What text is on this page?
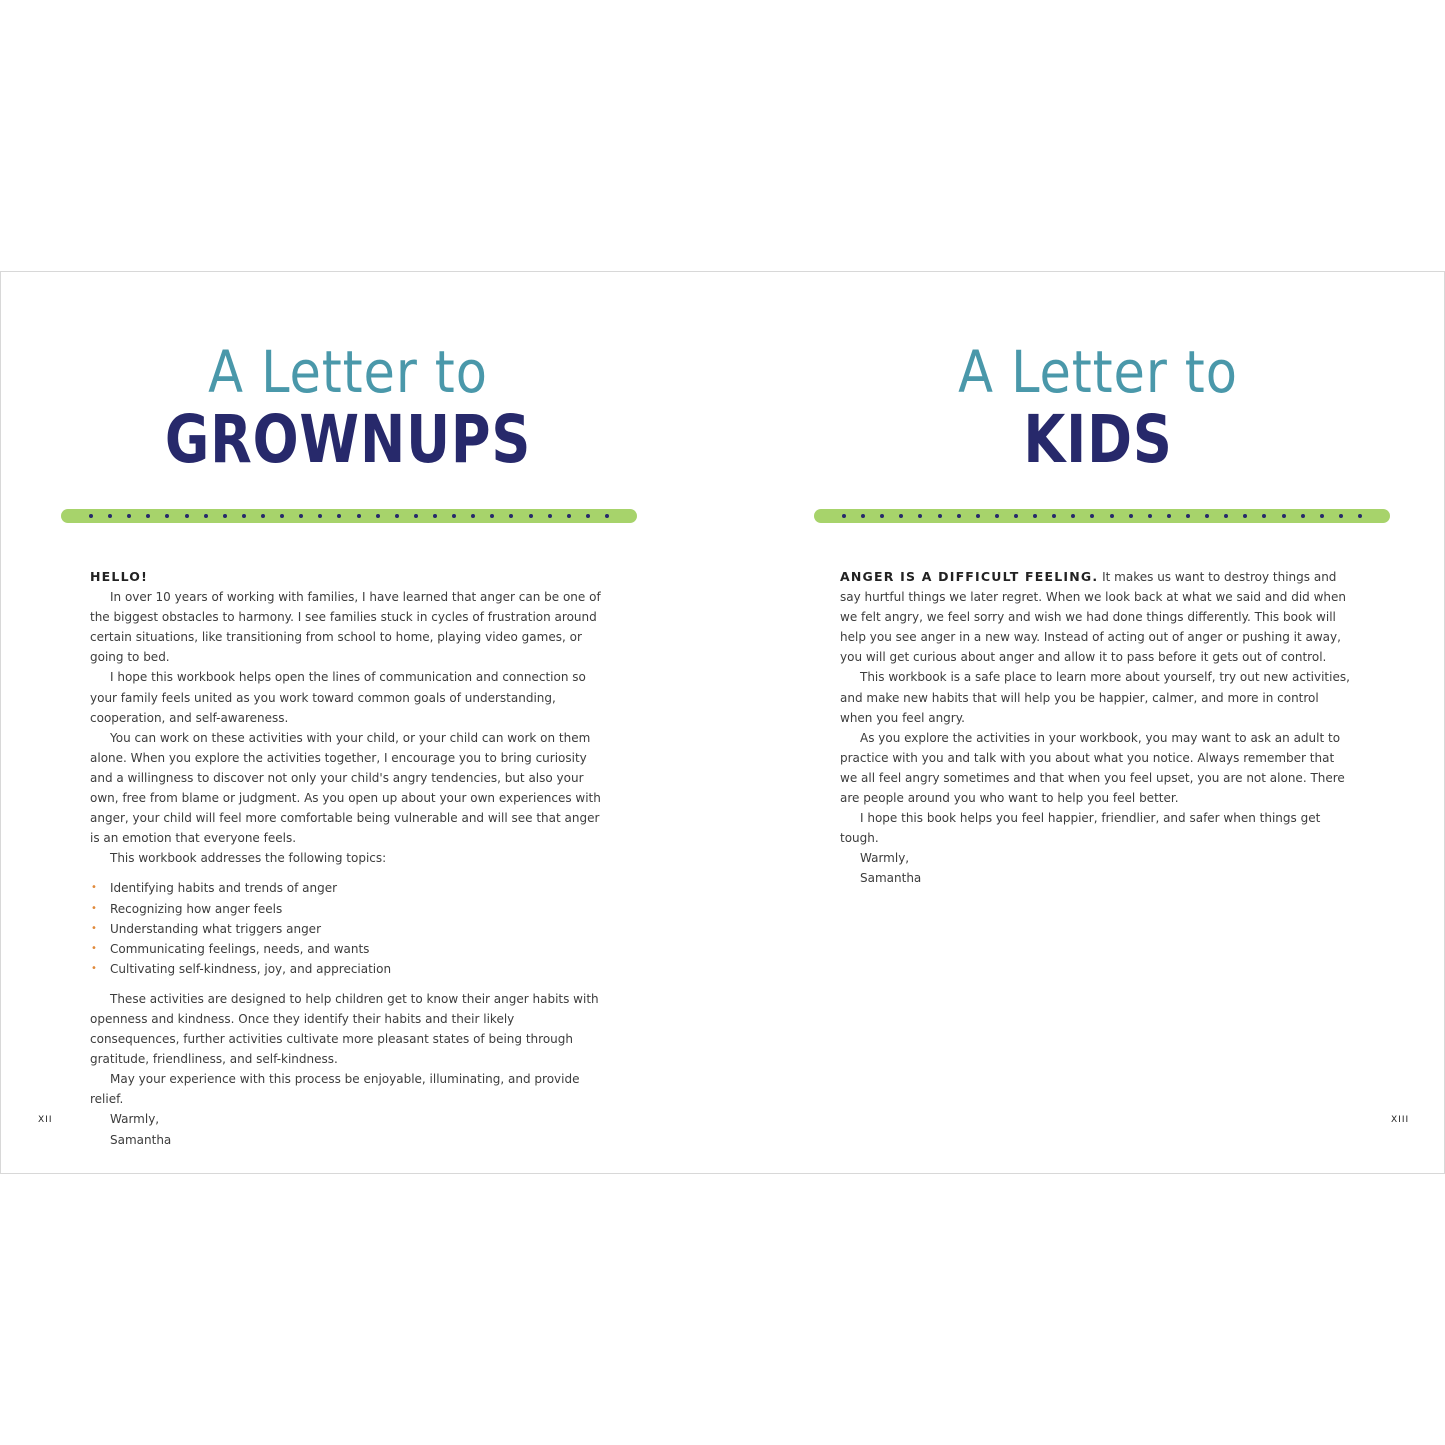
A Letter to
GROWNUPS

HELLO!

In over 10 years of working with families, I have learned that anger can be one of the biggest obstacles to harmony. I see families stuck in cycles of frustration around certain situations, like transitioning from school to home, playing video games, or going to bed.

I hope this workbook helps open the lines of communication and connection so your family feels united as you work toward common goals of understanding, cooperation, and self-awareness.

You can work on these activities with your child, or your child can work on them alone. When you explore the activities together, I encourage you to bring curiosity and a willingness to discover not only your child's angry tendencies, but also your own, free from blame or judgment. As you open up about your own experiences with anger, your child will feel more comfortable being vulnerable and will see that anger is an emotion that everyone feels.

This workbook addresses the following topics:

• Identifying habits and trends of anger
• Recognizing how anger feels
• Understanding what triggers anger
• Communicating feelings, needs, and wants
• Cultivating self-kindness, joy, and appreciation

These activities are designed to help children get to know their anger habits with openness and kindness. Once they identify their habits and their likely consequences, further activities cultivate more pleasant states of being through gratitude, friendliness, and self-kindness.

May your experience with this process be enjoyable, illuminating, and provide relief.

Warmly,

Samantha

XII
A Letter to
KIDS

ANGER IS A DIFFICULT FEELING. It makes us want to destroy things and say hurtful things we later regret. When we look back at what we said and did when we felt angry, we feel sorry and wish we had done things differently. This book will help you see anger in a new way. Instead of acting out of anger or pushing it away, you will get curious about anger and allow it to pass before it gets out of control.

This workbook is a safe place to learn more about yourself, try out new activities, and make new habits that will help you be happier, calmer, and more in control when you feel angry.

As you explore the activities in your workbook, you may want to ask an adult to practice with you and talk with you about what you notice. Always remember that we all feel angry sometimes and that when you feel upset, you are not alone. There are people around you who want to help you feel better.

I hope this book helps you feel happier, friendlier, and safer when things get tough.

Warmly,

Samantha

XIII
